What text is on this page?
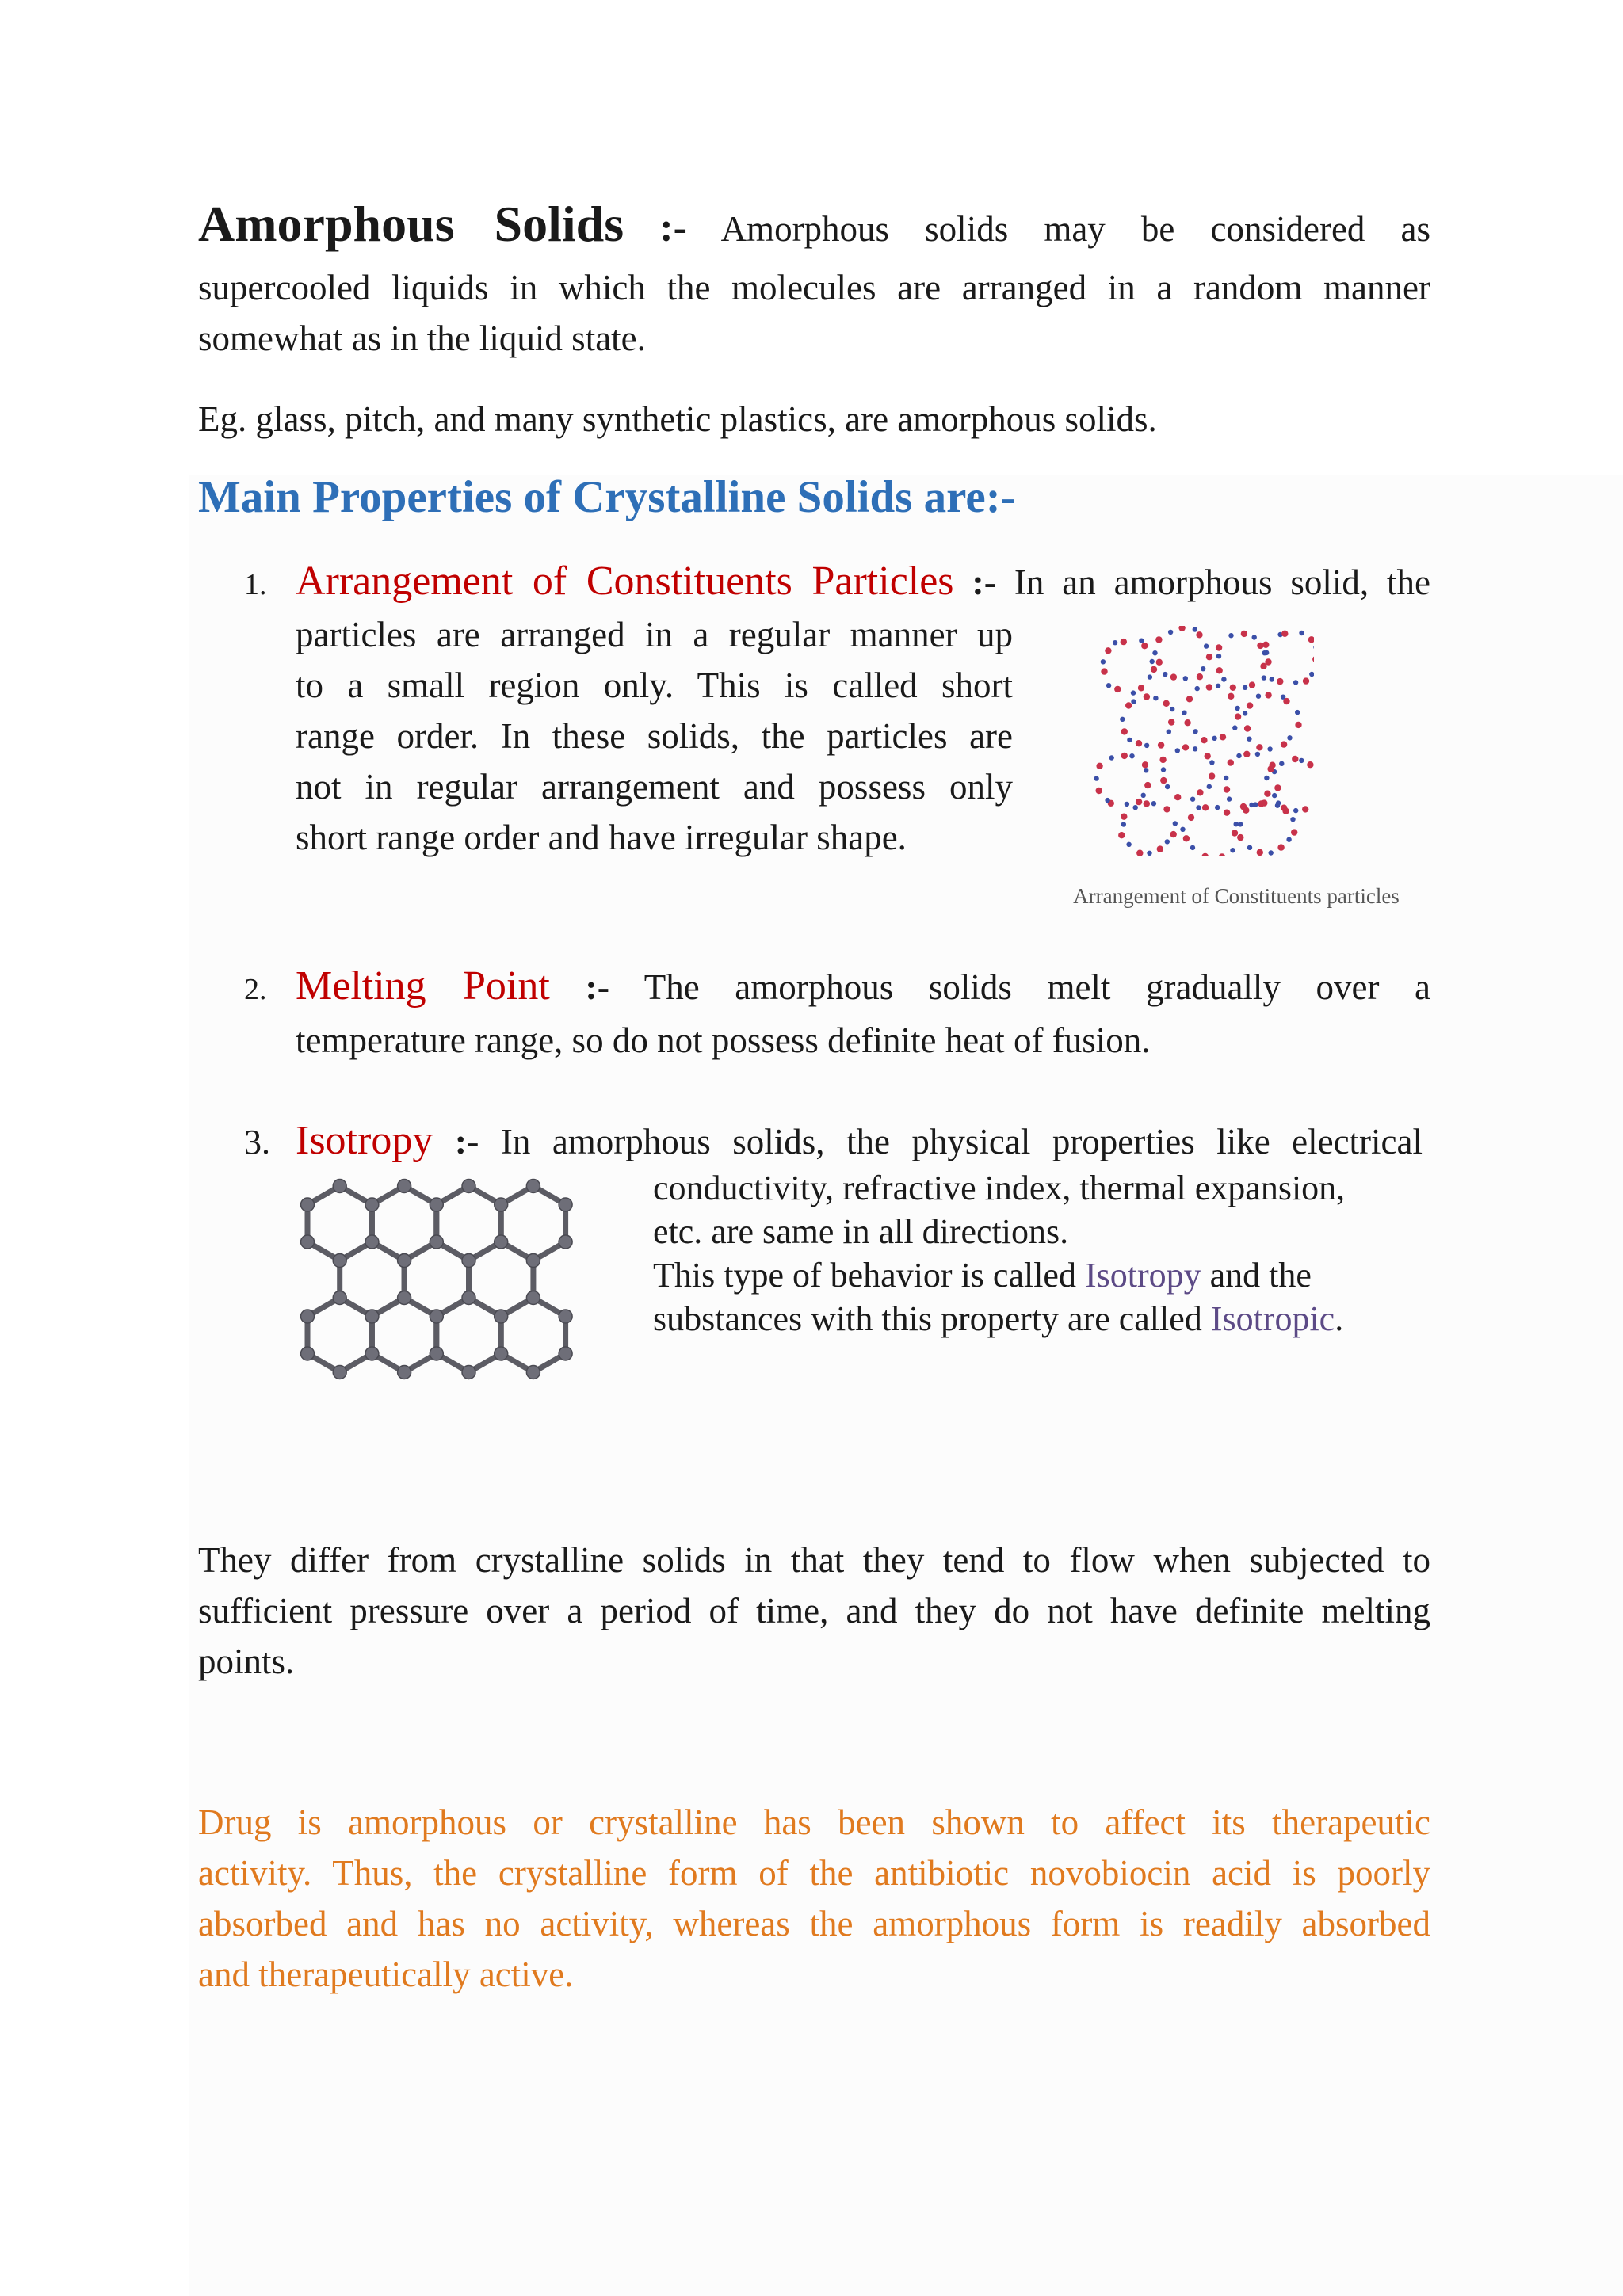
Amorphous Solids :- Amorphous solids may be considered as
supercooled liquids in which the molecules are arranged in a random manner
somewhat as in the liquid state.
Eg. glass, pitch, and many synthetic plastics, are amorphous solids.
Main Properties of Crystalline Solids are:-
1. Arrangement of Constituents Particles :- In an amorphous solid, the
particles are arranged in a regular manner up
to a small region only. This is called short
range order. In these solids, the particles are
not in regular arrangement and possess only
short range order and have irregular shape.
Arrangement of Constituents particles
2. Melting Point :- The amorphous solids melt gradually over a
temperature range, so do not possess definite heat of fusion.
3. Isotropy :- In amorphous solids, the physical properties like electrical
conductivity, refractive index, thermal expansion,
etc. are same in all directions.
This type of behavior is called Isotropy and the
substances with this property are called Isotropic.
They differ from crystalline solids in that they tend to flow when subjected to
sufficient pressure over a period of time, and they do not have definite melting
points.
Drug is amorphous or crystalline has been shown to affect its therapeutic
activity. Thus, the crystalline form of the antibiotic novobiocin acid is poorly
absorbed and has no activity, whereas the amorphous form is readily absorbed
and therapeutically active.
